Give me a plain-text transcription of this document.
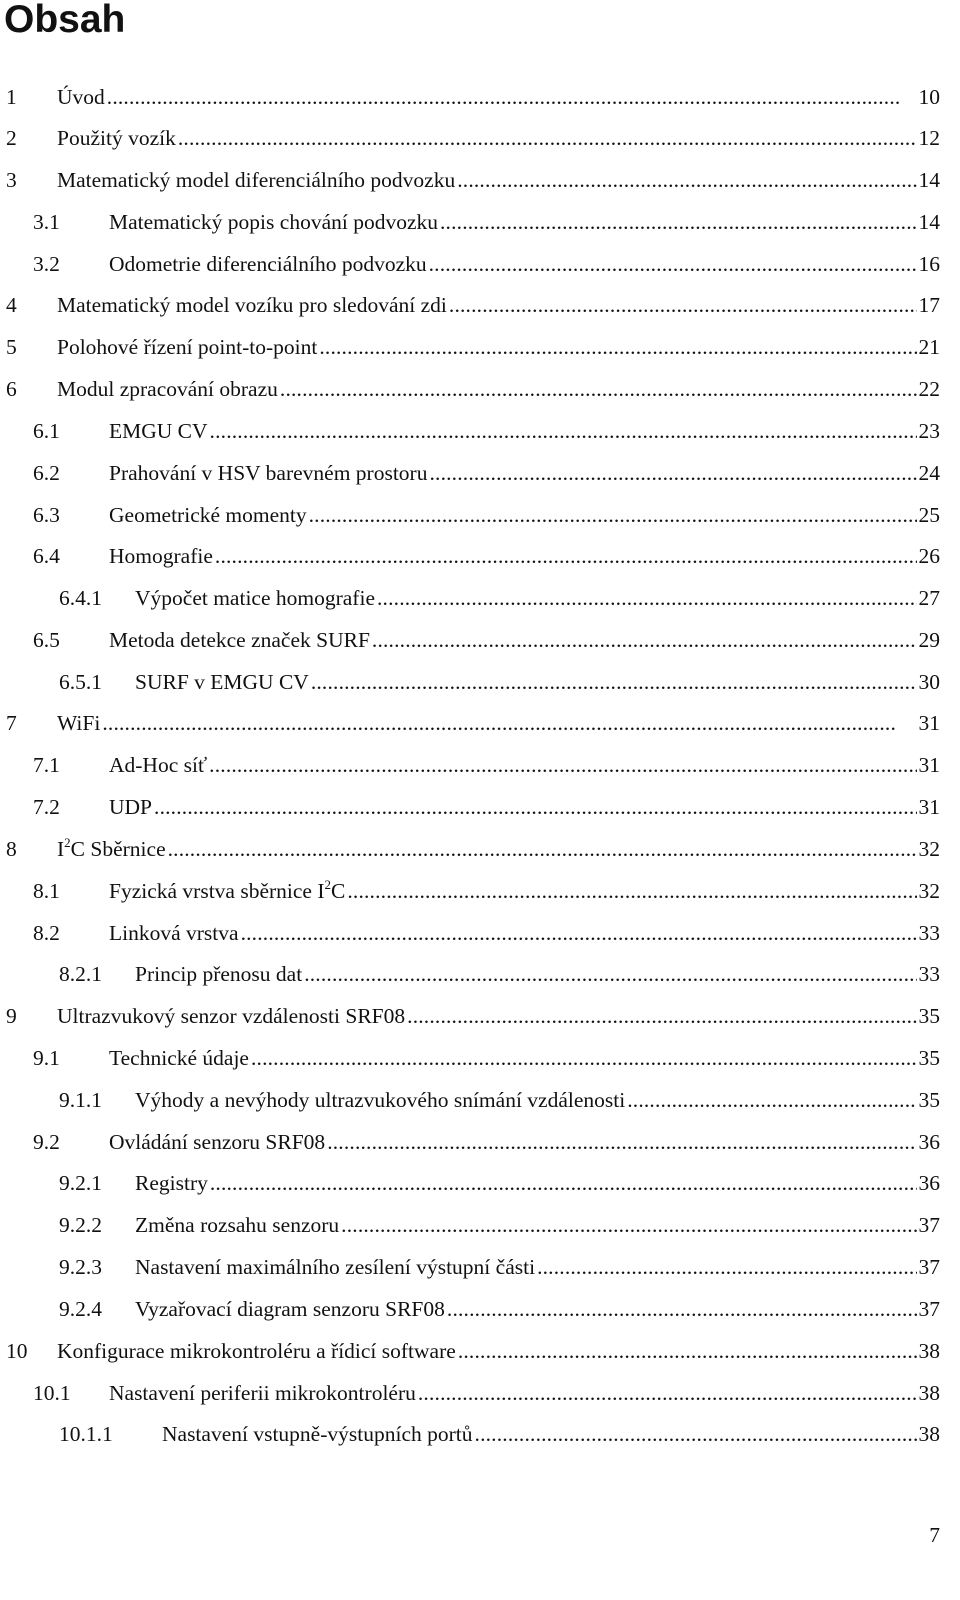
Obsah
1	Úvod . . .	10
2	Použitý vozík . . .	12
3	Matematický model diferenciálního podvozku . . .	14
3.1	Matematický popis chování podvozku . . .	14
3.2	Odometrie diferenciálního podvozku . . .	16
4	Matematický model vozíku pro sledování zdi . . .	17
5	Polohové řízení point-to-point . . .	21
6	Modul zpracování obrazu . . .	22
6.1	EMGU CV . . .	23
6.2	Prahování v HSV barevném prostoru . . .	24
6.3	Geometrické momenty . . .	25
6.4	Homografie . . .	26
6.4.1	Výpočet matice homografie . . .	27
6.5	Metoda detekce značek SURF . . .	29
6.5.1	SURF v EMGU CV . . .	30
7	WiFi . . .	31
7.1	Ad-Hoc síť . . .	31
7.2	UDP . . .	31
8	$I^2C$ Sběrnice . . .	32
8.1	Fyzická vrstva sběrnice $I^2C$ . . .	32
8.2	Linková vrstva . . .	33
8.2.1	Princip přenosu dat . . .	33
9	Ultrazvukový senzor vzdálenosti SRF08 . . .	35
9.1	Technické údaje . . .	35
9.1.1	Výhody a nevýhody ultrazvukového snímání vzdálenosti . . .	35
9.2	Ovládání senzoru SRF08 . . .	36
9.2.1	Registry . . .	36
9.2.2	Změna rozsahu senzoru . . .	37
9.2.3	Nastavení maximálního zesílení výstupní části . . .	37
9.2.4	Vyzařovací diagram senzoru SRF08 . . .	37
10	Konfigurace mikrokontroléru a řídicí software . . .	38
10.1	Nastavení periferii mikrokontroléru . . .	38
10.1.1	Nastavení vstupně-výstupních portů . . .	38
7
